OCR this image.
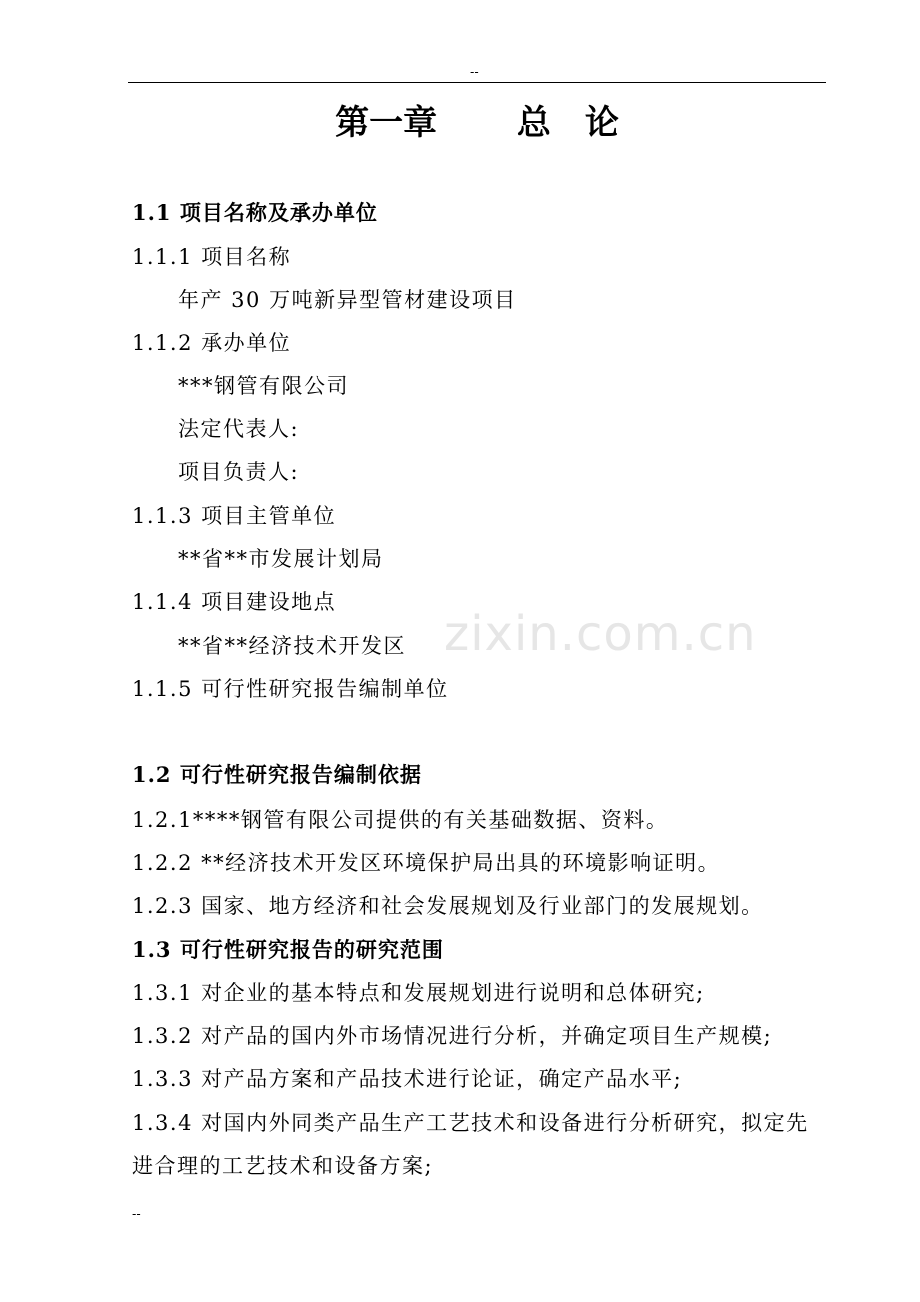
--
zixin.com.cn
第一章　　 总　论
1.1 项目名称及承办单位
1.1.1 项目名称
年产 30 万吨新异型管材建设项目
1.1.2 承办单位
***钢管有限公司
法定代表人:
项目负责人:
1.1.3 项目主管单位
**省**市发展计划局
1.1.4 项目建设地点
**省**经济技术开发区
1.1.5 可行性研究报告编制单位
1.2 可行性研究报告编制依据
1.2.1****钢管有限公司提供的有关基础数据、资料。
1.2.2 **经济技术开发区环境保护局出具的环境影响证明。
1.2.3 国家、地方经济和社会发展规划及行业部门的发展规划。
1.3 可行性研究报告的研究范围
1.3.1 对企业的基本特点和发展规划进行说明和总体研究;
1.3.2 对产品的国内外市场情况进行分析，并确定项目生产规模;
1.3.3 对产品方案和产品技术进行论证，确定产品水平;
1.3.4 对国内外同类产品生产工艺技术和设备进行分析研究，拟定先
进合理的工艺技术和设备方案;
--
